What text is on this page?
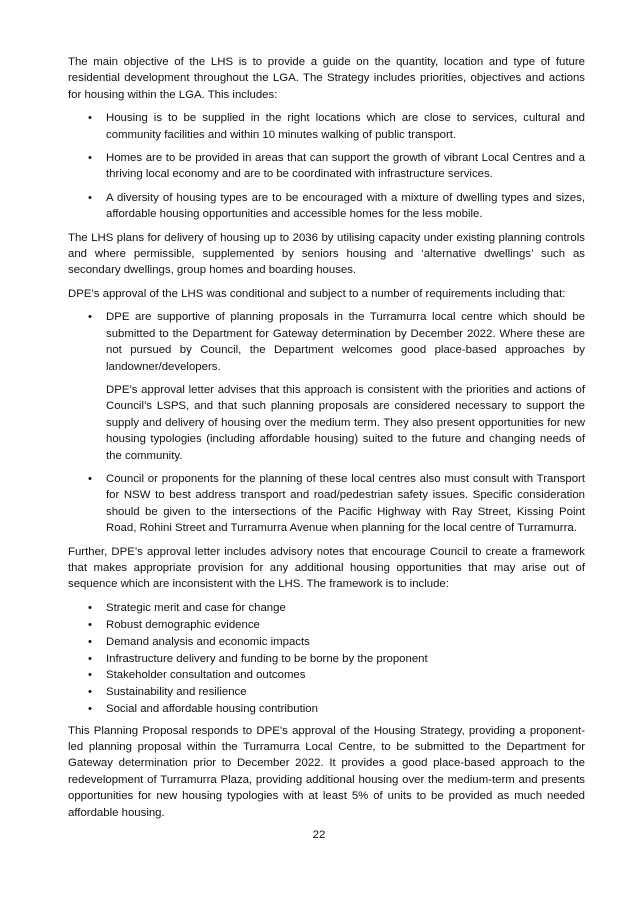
The main objective of the LHS is to provide a guide on the quantity, location and type of future residential development throughout the LGA. The Strategy includes priorities, objectives and actions for housing within the LGA. This includes:

• Housing is to be supplied in the right locations which are close to services, cultural and community facilities and within 10 minutes walking of public transport.
• Homes are to be provided in areas that can support the growth of vibrant Local Centres and a thriving local economy and are to be coordinated with infrastructure services.
• A diversity of housing types are to be encouraged with a mixture of dwelling types and sizes, affordable housing opportunities and accessible homes for the less mobile.

The LHS plans for delivery of housing up to 2036 by utilising capacity under existing planning controls and where permissible, supplemented by seniors housing and ‘alternative dwellings’ such as secondary dwellings, group homes and boarding houses.

DPE’s approval of the LHS was conditional and subject to a number of requirements including that:

• DPE are supportive of planning proposals in the Turramurra local centre which should be submitted to the Department for Gateway determination by December 2022. Where these are not pursued by Council, the Department welcomes good place-based approaches by landowner/developers.
DPE’s approval letter advises that this approach is consistent with the priorities and actions of Council’s LSPS, and that such planning proposals are considered necessary to support the supply and delivery of housing over the medium term. They also present opportunities for new housing typologies (including affordable housing) suited to the future and changing needs of the community.
• Council or proponents for the planning of these local centres also must consult with Transport for NSW to best address transport and road/pedestrian safety issues. Specific consideration should be given to the intersections of the Pacific Highway with Ray Street, Kissing Point Road, Rohini Street and Turramurra Avenue when planning for the local centre of Turramurra.

Further, DPE’s approval letter includes advisory notes that encourage Council to create a framework that makes appropriate provision for any additional housing opportunities that may arise out of sequence which are inconsistent with the LHS. The framework is to include:

• Strategic merit and case for change
• Robust demographic evidence
• Demand analysis and economic impacts
• Infrastructure delivery and funding to be borne by the proponent
• Stakeholder consultation and outcomes
• Sustainability and resilience
• Social and affordable housing contribution

This Planning Proposal responds to DPE’s approval of the Housing Strategy, providing a proponent-led planning proposal within the Turramurra Local Centre, to be submitted to the Department for Gateway determination prior to December 2022. It provides a good place-based approach to the redevelopment of Turramurra Plaza, providing additional housing over the medium-term and presents opportunities for new housing typologies with at least 5% of units to be provided as much needed affordable housing.

22
